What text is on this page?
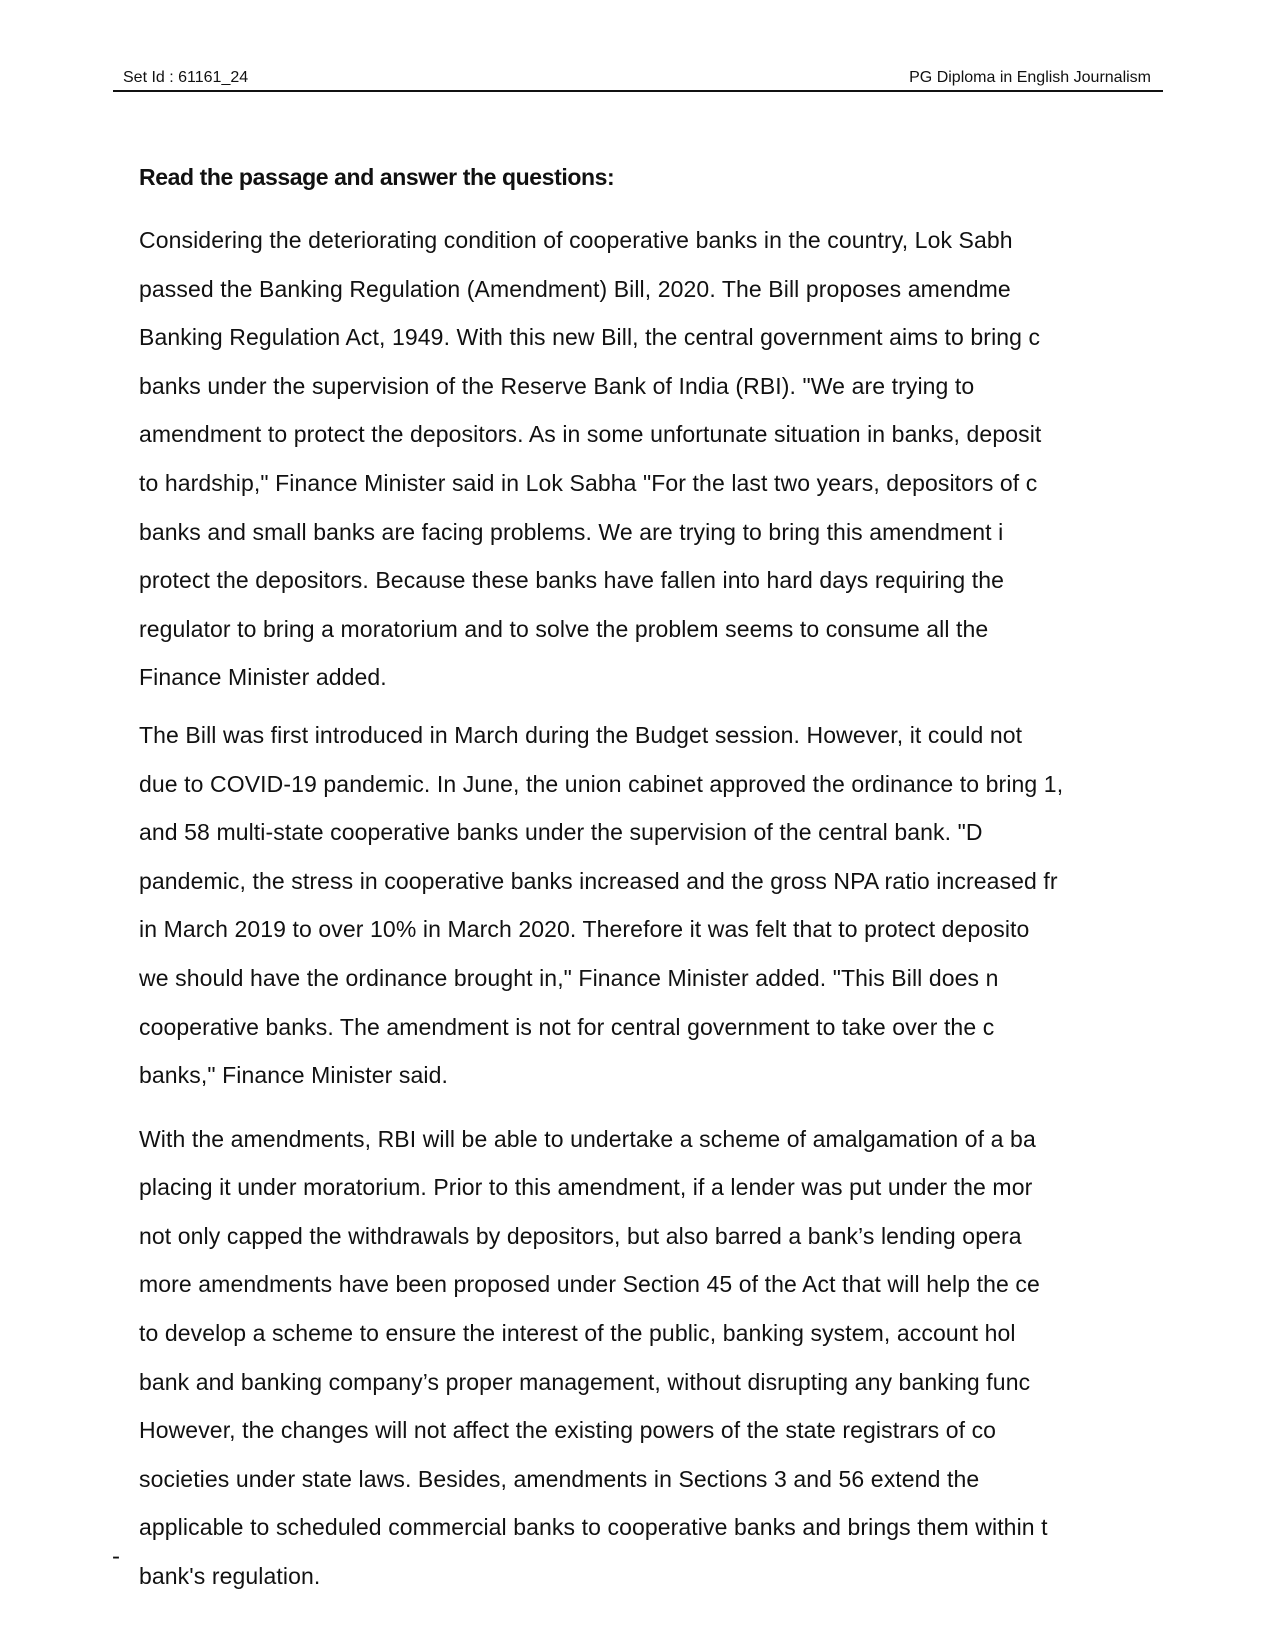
Set Id : 61161_24	PG Diploma in English Journalism

Read the passage and answer the questions:

Considering the deteriorating condition of cooperative banks in the country, Lok Sabh
passed the Banking Regulation (Amendment) Bill, 2020. The Bill proposes amendme
Banking Regulation Act, 1949. With this new Bill, the central government aims to bring c
banks under the supervision of the Reserve Bank of India (RBI). "We are trying to
amendment to protect the depositors. As in some unfortunate situation in banks, deposit
to hardship," Finance Minister said in Lok Sabha "For the last two years, depositors of c
banks and small banks are facing problems. We are trying to bring this amendment i
protect the depositors. Because these banks have fallen into hard days requiring the
regulator to bring a moratorium and to solve the problem seems to consume all the
Finance Minister added.
The Bill was first introduced in March during the Budget session. However, it could not
due to COVID-19 pandemic. In June, the union cabinet approved the ordinance to bring 1,
and 58 multi-state cooperative banks under the supervision of the central bank. "D
pandemic, the stress in cooperative banks increased and the gross NPA ratio increased fr
in March 2019 to over 10% in March 2020. Therefore it was felt that to protect deposito
we should have the ordinance brought in," Finance Minister added. "This Bill does n
cooperative banks. The amendment is not for central government to take over the c
banks," Finance Minister said.
With the amendments, RBI will be able to undertake a scheme of amalgamation of a ba
placing it under moratorium. Prior to this amendment, if a lender was put under the mor
not only capped the withdrawals by depositors, but also barred a bank’s lending opera
more amendments have been proposed under Section 45 of the Act that will help the ce
to develop a scheme to ensure the interest of the public, banking system, account hol
bank and banking company’s proper management, without disrupting any banking func
However, the changes will not affect the existing powers of the state registrars of co
societies under state laws. Besides, amendments in Sections 3 and 56 extend the
applicable to scheduled commercial banks to cooperative banks and brings them within t
bank's regulation.
-
